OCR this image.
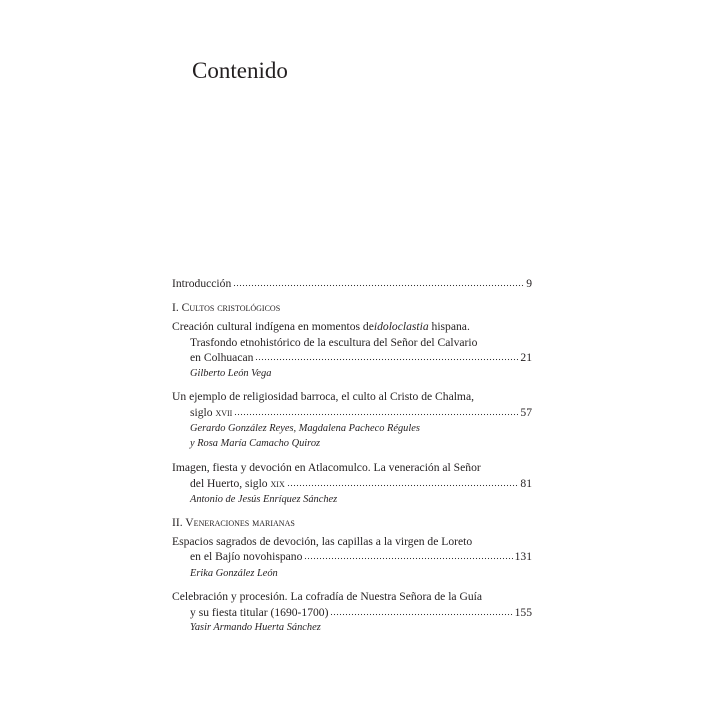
Contenido
Introducción	9
I. Cultos cristológicos
Creación cultural indígena en momentos de idoloclastia hispana.
Trasfondo etnohistórico de la escultura del Señor del Calvario
en Colhuacan	21
Gilberto León Vega
Un ejemplo de religiosidad barroca, el culto al Cristo de Chalma,
siglo xvii	57
Gerardo González Reyes, Magdalena Pacheco Régules
y Rosa María Camacho Quiroz
Imagen, fiesta y devoción en Atlacomulco. La veneración al Señor
del Huerto, siglo xix	81
Antonio de Jesús Enríquez Sánchez
II. Veneraciones marianas
Espacios sagrados de devoción, las capillas a la virgen de Loreto
en el Bajío novohispano	131
Erika González León
Celebración y procesión. La cofradía de Nuestra Señora de la Guía
y su fiesta titular (1690-1700)	155
Yasir Armando Huerta Sánchez
